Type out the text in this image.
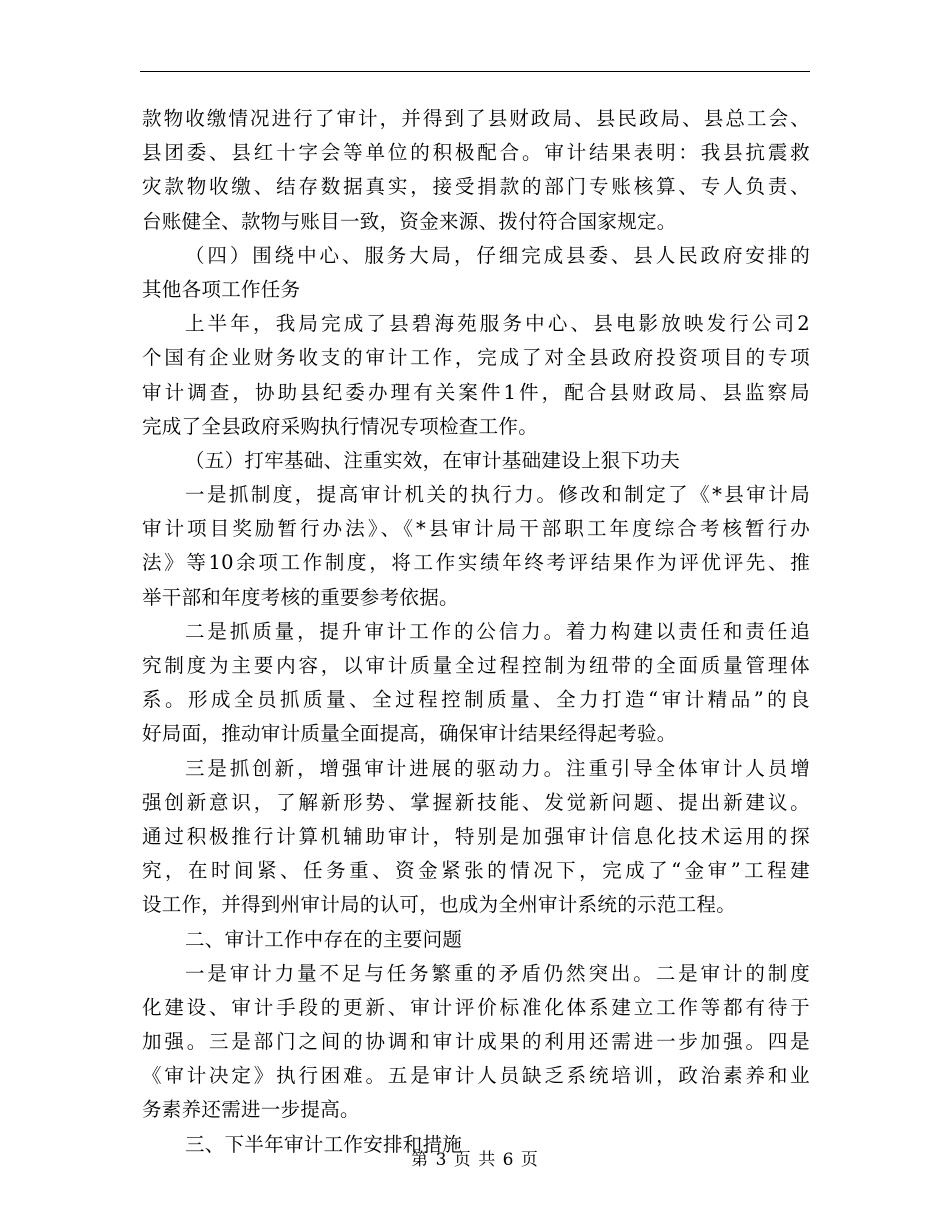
款物收缴情况进行了审计，并得到了县财政局、县民政局、县总工会、
县团委、县红十字会等单位的积极配合。审计结果表明：我县抗震救
灾款物收缴、结存数据真实，接受捐款的部门专账核算、专人负责、
台账健全、款物与账目一致，资金来源、拨付符合国家规定。
（四）围绕中心、服务大局，仔细完成县委、县人民政府安排的
其他各项工作任务
上半年，我局完成了县碧海苑服务中心、县电影放映发行公司2
个国有企业财务收支的审计工作，完成了对全县政府投资项目的专项
审计调查，协助县纪委办理有关案件1件，配合县财政局、县监察局
完成了全县政府采购执行情况专项检查工作。
（五）打牢基础、注重实效，在审计基础建设上狠下功夫
一是抓制度，提高审计机关的执行力。修改和制定了《*县审计局
审计项目奖励暂行办法》、《*县审计局干部职工年度综合考核暂行办
法》等10余项工作制度，将工作实绩年终考评结果作为评优评先、推
举干部和年度考核的重要参考依据。
二是抓质量，提升审计工作的公信力。着力构建以责任和责任追
究制度为主要内容，以审计质量全过程控制为纽带的全面质量管理体
系。形成全员抓质量、全过程控制质量、全力打造“审计精品”的良
好局面，推动审计质量全面提高，确保审计结果经得起考验。
三是抓创新，增强审计进展的驱动力。注重引导全体审计人员增
强创新意识，了解新形势、掌握新技能、发觉新问题、提出新建议。
通过积极推行计算机辅助审计，特别是加强审计信息化技术运用的探
究，在时间紧、任务重、资金紧张的情况下，完成了“金审”工程建
设工作，并得到州审计局的认可，也成为全州审计系统的示范工程。
二、审计工作中存在的主要问题
一是审计力量不足与任务繁重的矛盾仍然突出。二是审计的制度
化建设、审计手段的更新、审计评价标准化体系建立工作等都有待于
加强。三是部门之间的协调和审计成果的利用还需进一步加强。四是
《审计决定》执行困难。五是审计人员缺乏系统培训，政治素养和业
务素养还需进一步提高。
三、下半年审计工作安排和措施
第 3 页 共 6 页
